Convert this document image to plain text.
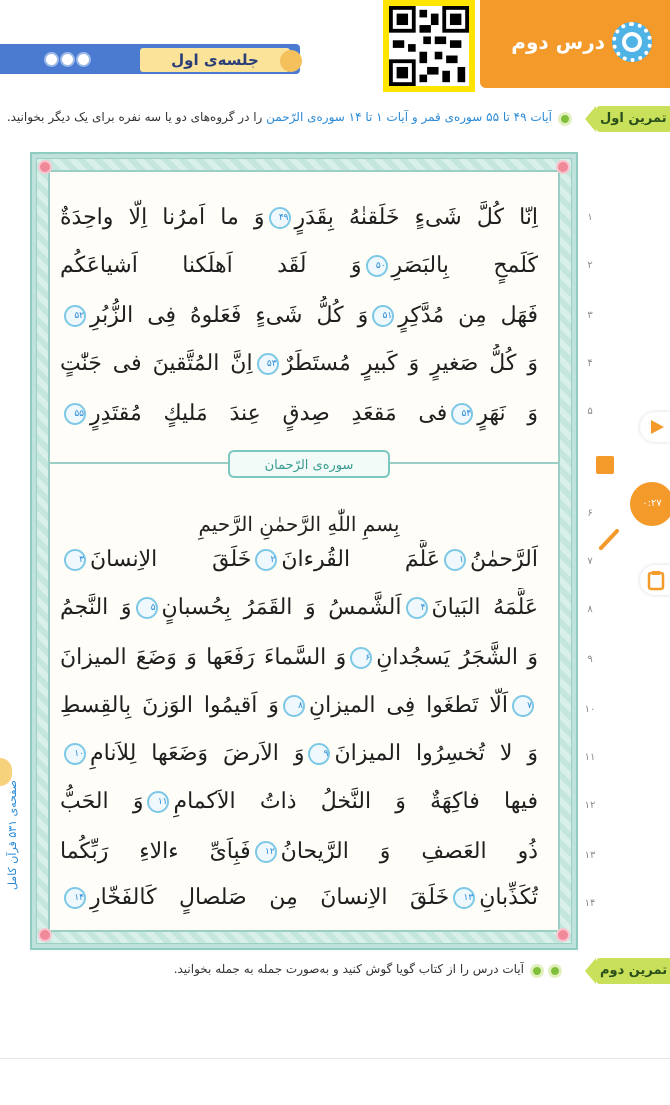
جلسه‌ی اول
درس دوم
تمرین اول
آیات ۴۹ تا ۵۵ سوره‌ی قمر و آیات ۱ تا ۱۴ سوره‌ی الرّحمن را در گروه‌های دو یا سه نفره برای یک دیگر بخوانید.
اِنّا كُلَّ شَیءٍ خَلَقنٰهُ بِقَدَرٍ۴۹وَ ما اَمرُنا اِلّا واحِدَةٌ	۱
كَلَمحٍ بِالبَصَرِ۵۰وَ لَقَد اَهلَكنا اَشیاعَكُم	۲
فَهَل مِن مُدَّكِرٍ۵۱وَ كُلُّ شَیءٍ فَعَلوهُ فِی الزُّبُرِ۵۲	۳
وَ كُلُّ صَغیرٍ وَ كَبیرٍ مُستَطَرٌ۵۳اِنَّ المُتَّقینَ فی جَنّٰتٍ	۴
وَ نَهَرٍ۵۴فی مَقعَدِ صِدقٍ عِندَ مَلیكٍ مُقتَدِرٍ۵۵	۵
سوره‌ی الرّحمان
بِسمِ اللّٰهِ الرَّحمٰنِ الرَّحیمِ	۶
اَلرَّحمٰنُ۱عَلَّمَ القُرءانَ۲خَلَقَ الاِنسانَ۳	۷
عَلَّمَهُ البَیانَ۴اَلشَّمسُ وَ القَمَرُ بِحُسبانٍ۵وَ النَّجمُ	۸
وَ الشَّجَرُ یَسجُدانِ۶وَ السَّماءَ رَفَعَها وَ وَضَعَ المیزانَ	۹
۷اَلّا تَطغَوا فِی المیزانِ۸وَ اَقیمُوا الوَزنَ بِالقِسطِ	۱۰
وَ لا تُخسِرُوا المیزانَ۹وَ الاَرضَ وَضَعَها لِلاَنامِ۱۰	۱۱
فیها فاكِهَةٌ وَ النَّخلُ ذاتُ الاَكمامِ۱۱وَ الحَبُّ	۱۲
ذُو العَصفِ وَ الرَّیحانُ۱۲فَبِاَیِّ ءالاءِ رَبِّكُما	۱۳
تُكَذِّبانِ۱۳خَلَقَ الاِنسانَ مِن صَلصالٍ كَالفَخّارِ۱۴	۱۴
صفحه‌ی ۵۳۱ قرآن کامل
۰:۲۷
تمرین دوم
آیات درس را از کتاب گویا گوش کنید و به‌صورت جمله به جمله بخوانید.
